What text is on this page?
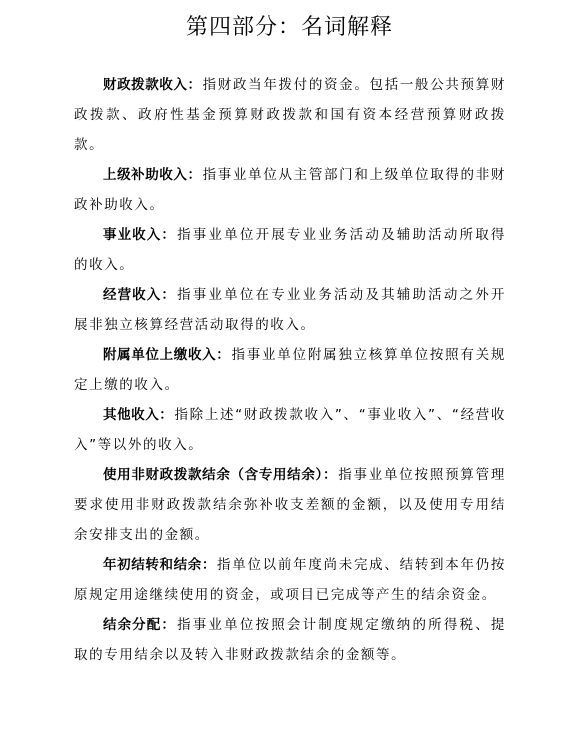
第四部分：名词解释

财政拨款收入：指财政当年拨付的资金。包括一般公共预算财政拨款、政府性基金预算财政拨款和国有资本经营预算财政拨款。

上级补助收入：指事业单位从主管部门和上级单位取得的非财政补助收入。

事业收入：指事业单位开展专业业务活动及辅助活动所取得的收入。

经营收入：指事业单位在专业业务活动及其辅助活动之外开展非独立核算经营活动取得的收入。

附属单位上缴收入：指事业单位附属独立核算单位按照有关规定上缴的收入。

其他收入：指除上述“财政拨款收入”、“事业收入”、“经营收入”等以外的收入。

使用非财政拨款结余（含专用结余）：指事业单位按照预算管理要求使用非财政拨款结余弥补收支差额的金额，以及使用专用结余安排支出的金额。

年初结转和结余：指单位以前年度尚未完成、结转到本年仍按原规定用途继续使用的资金，或项目已完成等产生的结余资金。

结余分配：指事业单位按照会计制度规定缴纳的所得税、提取的专用结余以及转入非财政拨款结余的金额等。
